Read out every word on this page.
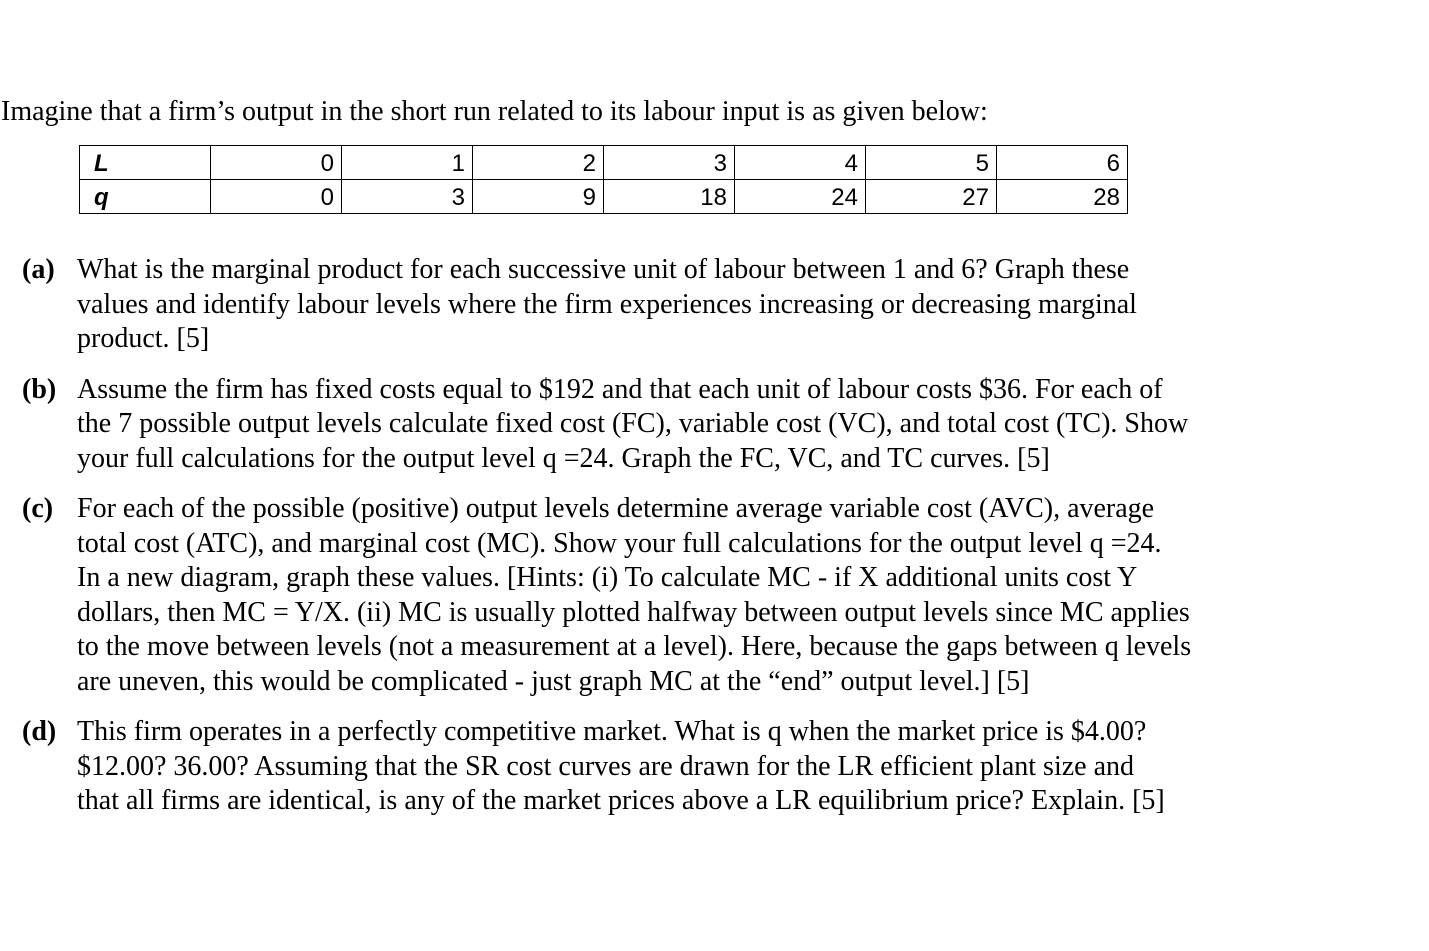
Imagine that a firm’s output in the short run related to its labour input is as given below:
L	0	1	2	3	4	5	6
q	0	3	9	18	24	27	28
(a) What is the marginal product for each successive unit of labour between 1 and 6? Graph these
values and identify labour levels where the firm experiences increasing or decreasing marginal
product. [5]
(b) Assume the firm has fixed costs equal to $192 and that each unit of labour costs $36. For each of
the 7 possible output levels calculate fixed cost (FC), variable cost (VC), and total cost (TC). Show
your full calculations for the output level q =24. Graph the FC, VC, and TC curves. [5]
(c) For each of the possible (positive) output levels determine average variable cost (AVC), average
total cost (ATC), and marginal cost (MC). Show your full calculations for the output level q =24.
In a new diagram, graph these values. [Hints: (i) To calculate MC - if X additional units cost Y
dollars, then MC = Y/X. (ii) MC is usually plotted halfway between output levels since MC applies
to the move between levels (not a measurement at a level). Here, because the gaps between q levels
are uneven, this would be complicated - just graph MC at the “end” output level.] [5]
(d) This firm operates in a perfectly competitive market. What is q when the market price is $4.00?
$12.00? 36.00? Assuming that the SR cost curves are drawn for the LR efficient plant size and
that all firms are identical, is any of the market prices above a LR equilibrium price? Explain. [5]
